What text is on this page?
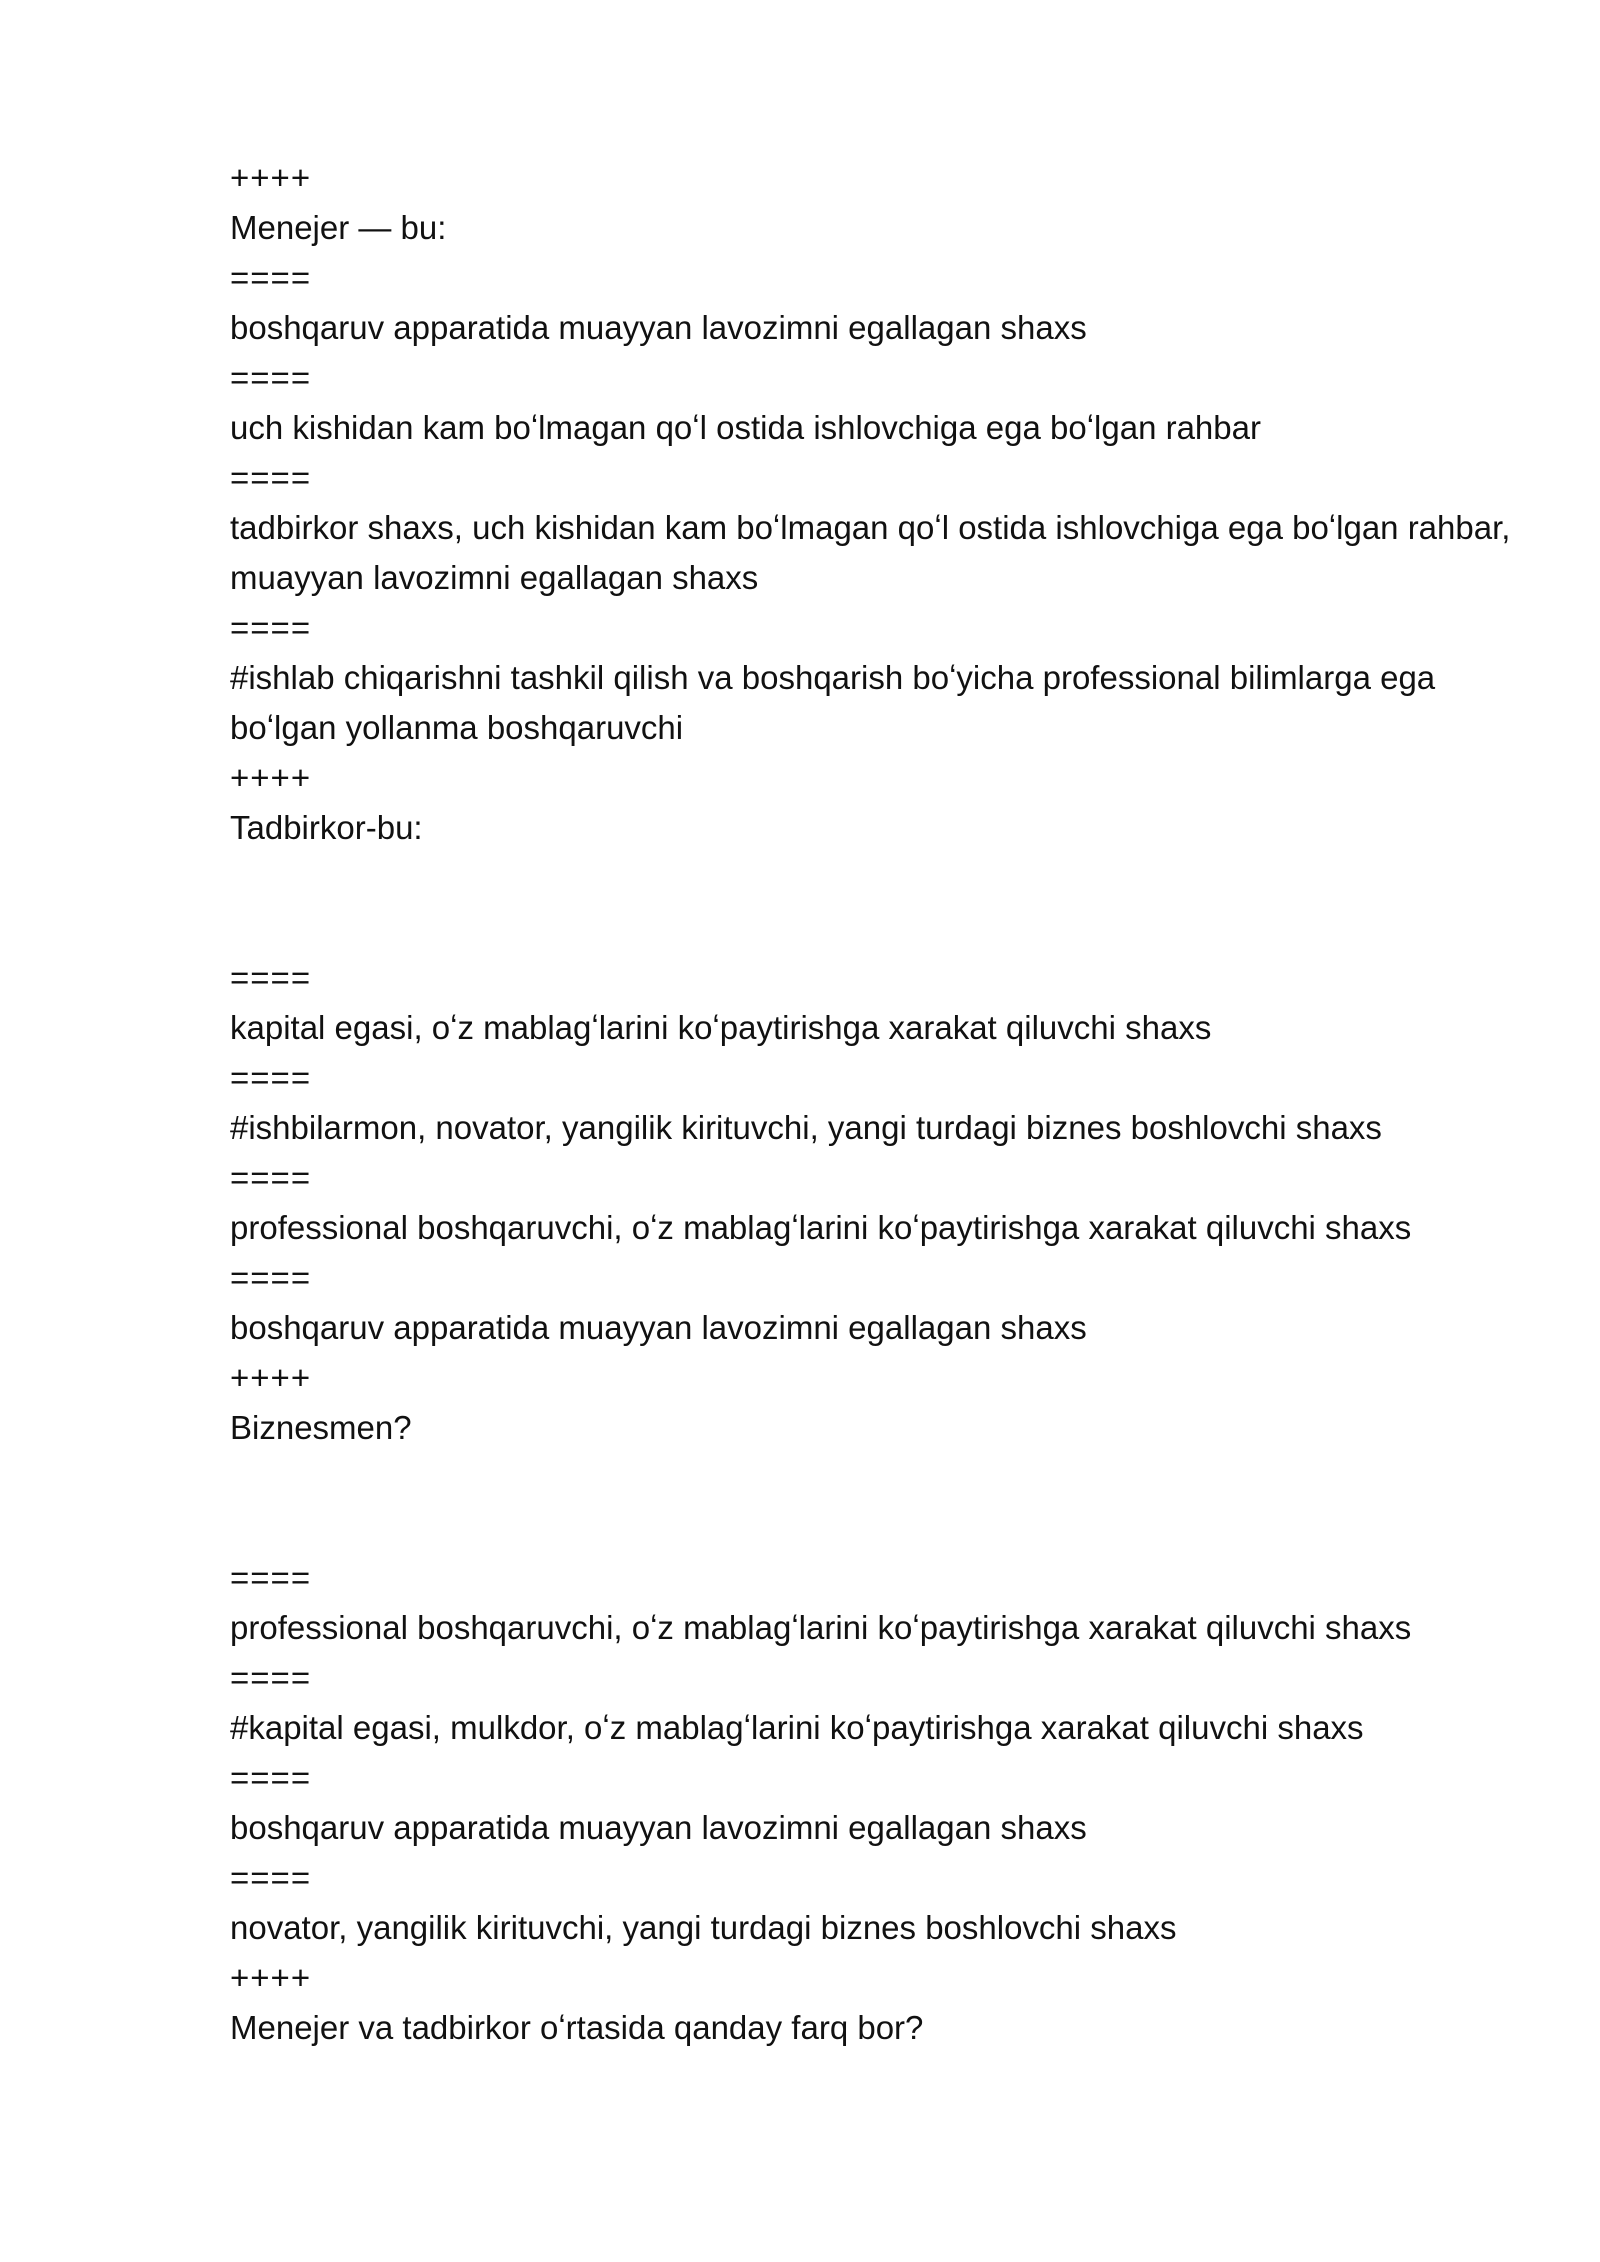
++++
Menejer — bu:
====
boshqaruv apparatida muayyan lavozimni egallagan shaxs
====
uch kishidan kam boʻlmagan qoʻl ostida ishlovchiga ega boʻlgan rahbar
====
tadbirkor shaxs, uch kishidan kam boʻlmagan qoʻl ostida ishlovchiga ega boʻlgan rahbar, muayyan lavozimni egallagan shaxs
====
#ishlab chiqarishni tashkil qilish va boshqarish boʻyicha professional bilimlarga ega boʻlgan yollanma boshqaruvchi
++++
Tadbirkor-bu:
====
kapital egasi, oʻz mablagʻlarini koʻpaytirishga xarakat qiluvchi shaxs
====
#ishbilarmon, novator, yangilik kirituvchi, yangi turdagi biznes boshlovchi shaxs
====
professional boshqaruvchi, oʻz mablagʻlarini koʻpaytirishga xarakat qiluvchi shaxs
====
boshqaruv apparatida muayyan lavozimni egallagan shaxs
++++
Biznesmen?
====
professional boshqaruvchi, oʻz mablagʻlarini koʻpaytirishga xarakat qiluvchi shaxs
====
#kapital egasi, mulkdor, oʻz mablagʻlarini koʻpaytirishga xarakat qiluvchi shaxs
====
boshqaruv apparatida muayyan lavozimni egallagan shaxs
====
novator, yangilik kirituvchi, yangi turdagi biznes boshlovchi shaxs
++++
Menejer va tadbirkor oʻrtasida qanday farq bor?
